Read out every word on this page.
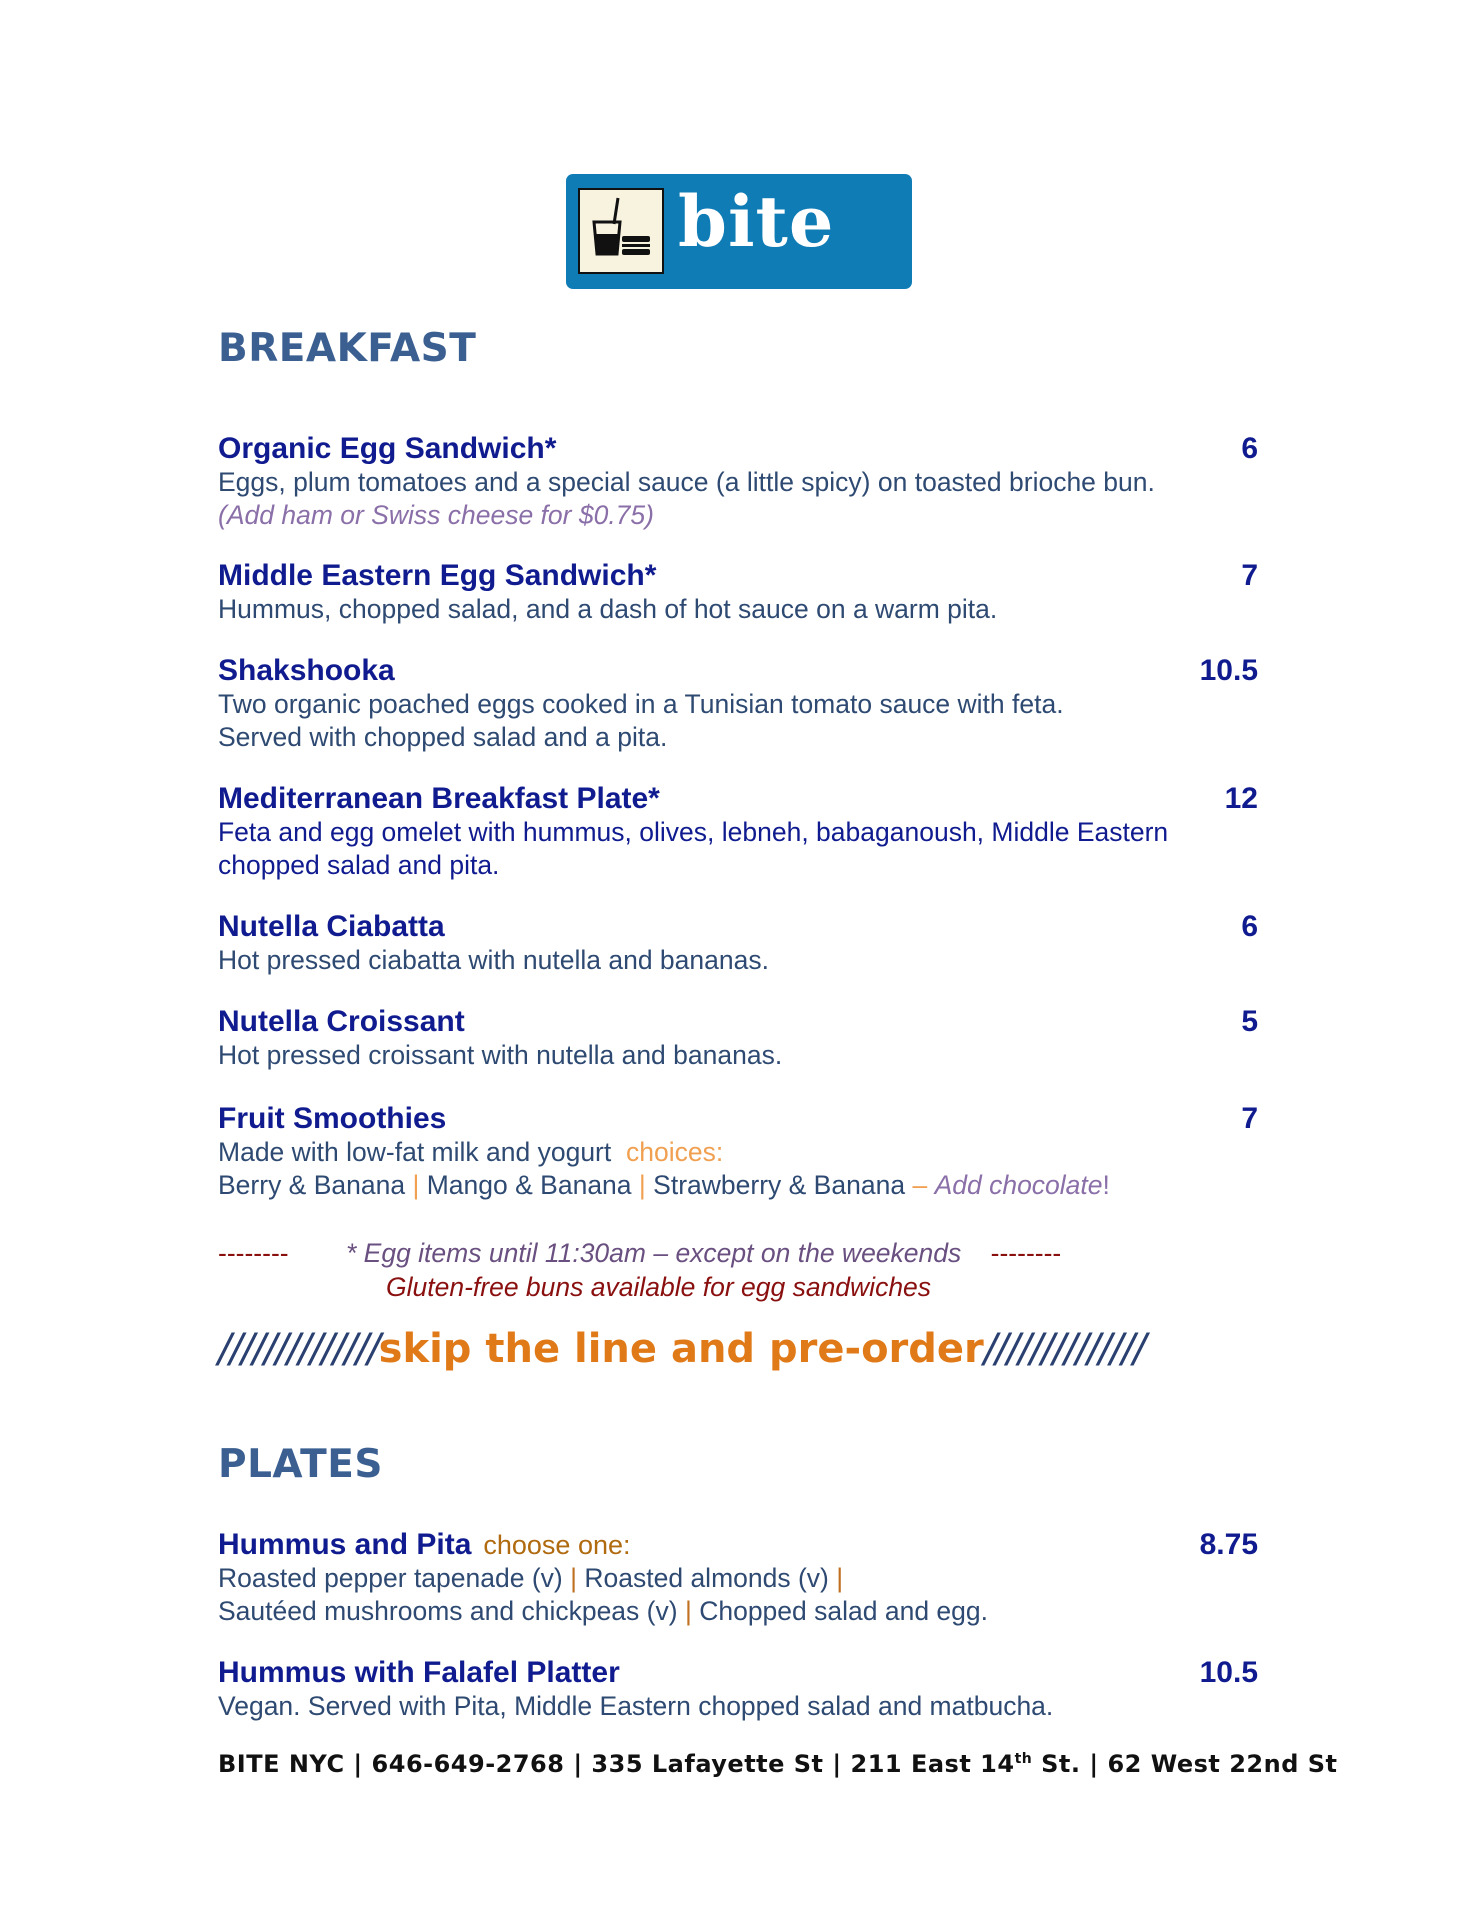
bite
BREAKFAST
Organic Egg Sandwich*	6
Eggs, plum tomatoes and a special sauce (a little spicy) on toasted brioche bun.
(Add ham or Swiss cheese for $0.75)
Middle Eastern Egg Sandwich*	7
Hummus, chopped salad, and a dash of hot sauce on a warm pita.
Shakshooka	10.5
Two organic poached eggs cooked in a Tunisian tomato sauce with feta.
Served with chopped salad and a pita.
Mediterranean Breakfast Plate*	12
Feta and egg omelet with hummus, olives, lebneh, babaganoush, Middle Eastern
chopped salad and pita.
Nutella Ciabatta	6
Hot pressed ciabatta with nutella and bananas.
Nutella Croissant	5
Hot pressed croissant with nutella and bananas.
Fruit Smoothies	7
Made with low-fat milk and yogurt choices:
Berry & Banana | Mango & Banana | Strawberry & Banana – Add chocolate!
-------- * Egg items until 11:30am – except on the weekends --------
Gluten-free buns available for egg sandwiches
//////////////skip the line and pre-order//////////////
PLATES
Hummus and Pita choose one:	8.75
Roasted pepper tapenade (v) | Roasted almonds (v) |
Sautéed mushrooms and chickpeas (v) | Chopped salad and egg.
Hummus with Falafel Platter	10.5
Vegan. Served with Pita, Middle Eastern chopped salad and matbucha.
BITE NYC | 646-649-2768 | 335 Lafayette St | 211 East 14th St. | 62 West 22nd St
